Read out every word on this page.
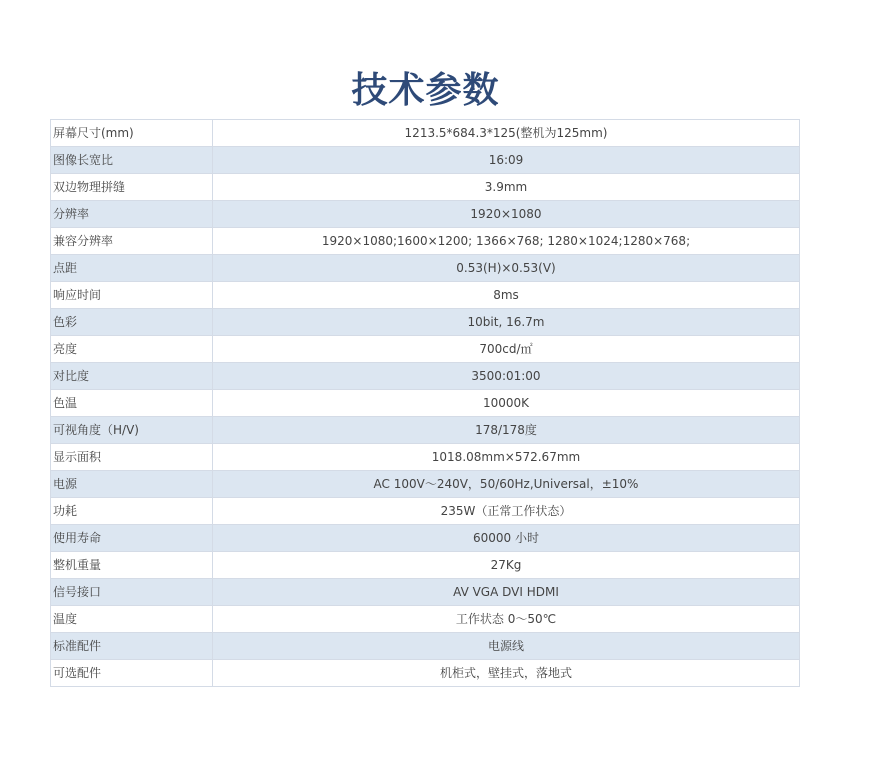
技术参数
屏幕尺寸(mm)	1213.5*684.3*125(整机为125mm)
图像长宽比	16:09
双边物理拼缝	3.9mm
分辨率	1920×1080
兼容分辨率	1920×1080;1600×1200; 1366×768; 1280×1024;1280×768;
点距	0.53(H)×0.53(V)
响应时间	8ms
色彩	10bit, 16.7m
亮度	700cd/㎡
对比度	3500:01:00
色温	10000K
可视角度（H/V)	178/178度
显示面积	1018.08mm×572.67mm
电源	AC 100V～240V，50/60Hz,Universal，±10%
功耗	235W（正常工作状态）
使用寿命	60000 小时
整机重量	27Kg
信号接口	AV VGA DVI HDMI
温度	工作状态 0～50℃
标准配件	电源线
可选配件	机柜式，壁挂式，落地式
